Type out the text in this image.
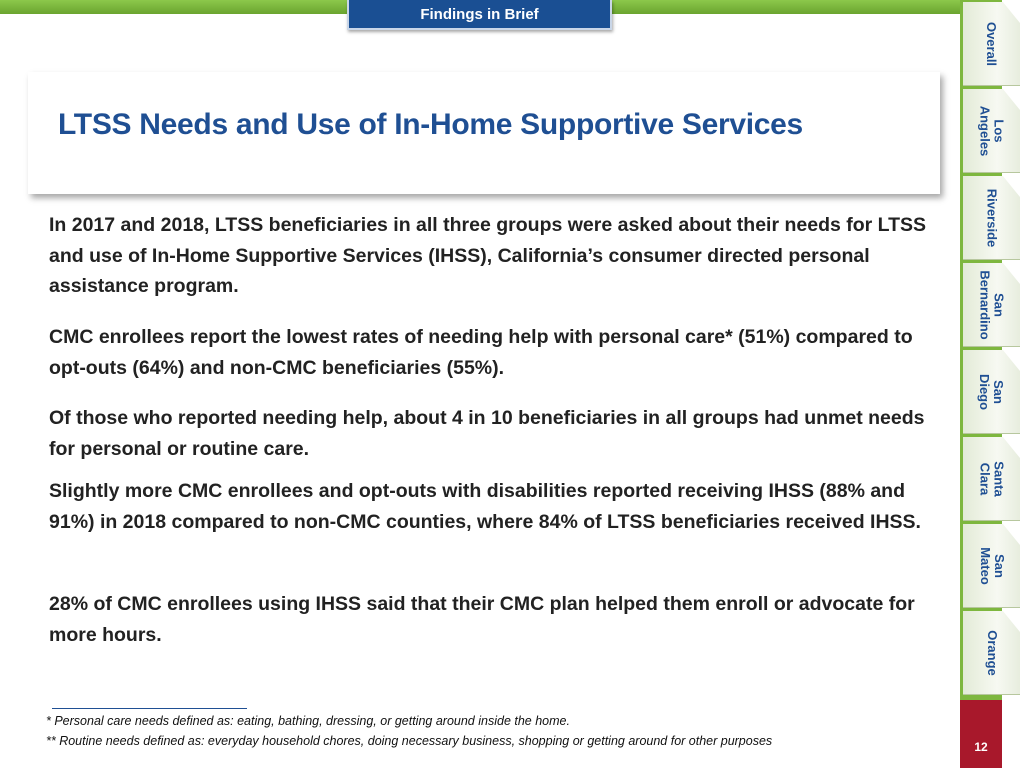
Findings in Brief
LTSS Needs and Use of In-Home Supportive Services
In 2017 and 2018, LTSS beneficiaries in all three groups were asked about their needs for LTSS and use of In-Home Supportive Services (IHSS), California’s consumer directed personal assistance program.
CMC enrollees report the lowest rates of needing help with personal care* (51%) compared to opt-outs (64%) and non-CMC beneficiaries (55%).
Of those who reported needing help, about 4 in 10 beneficiaries in all groups had unmet needs for personal or routine care.
Slightly more CMC enrollees and opt-outs with disabilities reported receiving IHSS (88% and 91%) in 2018 compared to non-CMC counties, where 84% of LTSS beneficiaries received IHSS.
28% of CMC enrollees using IHSS said that their CMC plan helped them enroll or advocate for more hours.
* Personal care needs defined as: eating, bathing, dressing, or getting around inside the home.
** Routine needs defined as: everyday household chores, doing necessary business, shopping or getting around for other purposes
Overall
Los
Angeles
Riverside
San
Bernardino
San
Diego
Santa
Clara
San
Mateo
Orange
12
